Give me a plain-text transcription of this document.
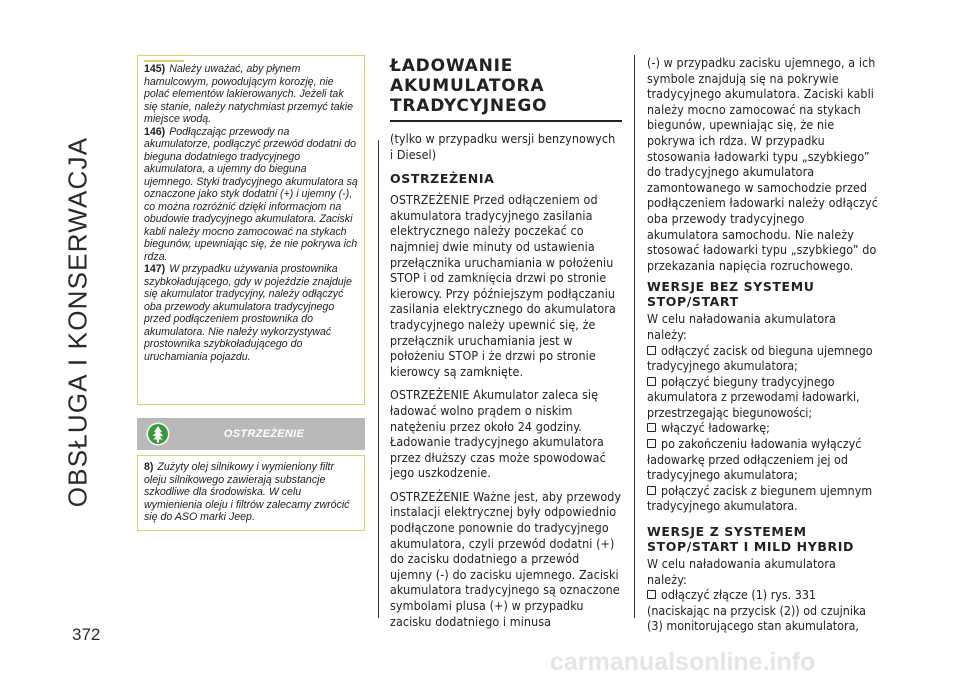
OBSŁUGA I KONSERWACJA
372

145) Należy uważać, aby płynem hamulcowym, powodującym korozję, nie polać elementów lakierowanych. Jeżeli tak się stanie, należy natychmiast przemyć takie miejsce wodą.

146) Podłączając przewody na akumulatorze, podłączyć przewód dodatni do bieguna dodatniego tradycyjnego akumulatora, a ujemny do bieguna ujemnego. Styki tradycyjnego akumulatora są oznaczone jako styk dodatni (+) i ujemny (-), co można rozróżnić dzięki informacjom na obudowie tradycyjnego akumulatora. Zaciski kabli należy mocno zamocować na stykach biegunów, upewniając się, że nie pokrywa ich rdza.

147) W przypadku używania prostownika szybkoładującego, gdy w pojeździe znajduje się akumulator tradycyjny, należy odłączyć oba przewody akumulatora tradycyjnego przed podłączeniem prostownika do akumulatora. Nie należy wykorzystywać prostownika szybkoładującego do uruchamiania pojazdu.

OSTRZEŻENIE

8) Zużyty olej silnikowy i wymieniony filtr oleju silnikowego zawierają substancje szkodliwe dla środowiska. W celu wymienienia oleju i filtrów zalecamy zwrócić się do ASO marki Jeep.

ŁADOWANIE
AKUMULATORA
TRADYCYJNEGO

(tylko w przypadku wersji benzynowych i Diesel)

OSTRZEŻENIA

OSTRZEŻENIE Przed odłączeniem od akumulatora tradycyjnego zasilania elektrycznego należy poczekać co najmniej dwie minuty od ustawienia przełącznika uruchamiania w położeniu STOP i od zamknięcia drzwi po stronie kierowcy. Przy późniejszym podłączaniu zasilania elektrycznego do akumulatora tradycyjnego należy upewnić się, że przełącznik uruchamiania jest w położeniu STOP i że drzwi po stronie kierowcy są zamknięte.

OSTRZEŻENIE Akumulator zaleca się ładować wolno prądem o niskim natężeniu przez około 24 godziny. Ładowanie tradycyjnego akumulatora przez dłuższy czas może spowodować jego uszkodzenie.

OSTRZEŻENIE Ważne jest, aby przewody instalacji elektrycznej były odpowiednio podłączone ponownie do tradycyjnego akumulatora, czyli przewód dodatni (+) do zacisku dodatniego a przewód ujemny (-) do zacisku ujemnego. Zaciski akumulatora tradycyjnego są oznaczone symbolami plusa (+) w przypadku zacisku dodatniego i minusa

(-) w przypadku zacisku ujemnego, a ich symbole znajdują się na pokrywie tradycyjnego akumulatora. Zaciski kabli należy mocno zamocować na stykach biegunów, upewniając się, że nie pokrywa ich rdza. W przypadku stosowania ładowarki typu „szybkiego” do tradycyjnego akumulatora zamontowanego w samochodzie przed podłączeniem ładowarki należy odłączyć oba przewody tradycyjnego akumulatora samochodu. Nie należy stosować ładowarki typu „szybkiego” do przekazania napięcia rozruchowego.

WERSJE BEZ SYSTEMU STOP/START

W celu naładowania akumulatora należy:

odłączyć zacisk od bieguna ujemnego tradycyjnego akumulatora;

połączyć bieguny tradycyjnego akumulatora z przewodami ładowarki, przestrzegając biegunowości;

włączyć ładowarkę;

po zakończeniu ładowania wyłączyć ładowarkę przed odłączeniem jej od tradycyjnego akumulatora;

połączyć zacisk z biegunem ujemnym tradycyjnego akumulatora.

WERSJE Z SYSTEMEM STOP/START I MILD HYBRID

W celu naładowania akumulatora należy:

odłączyć złącze (1) rys. 331 (naciskając na przycisk (2)) od czujnika (3) monitorującego stan akumulatora,

carmanualsonline.info
